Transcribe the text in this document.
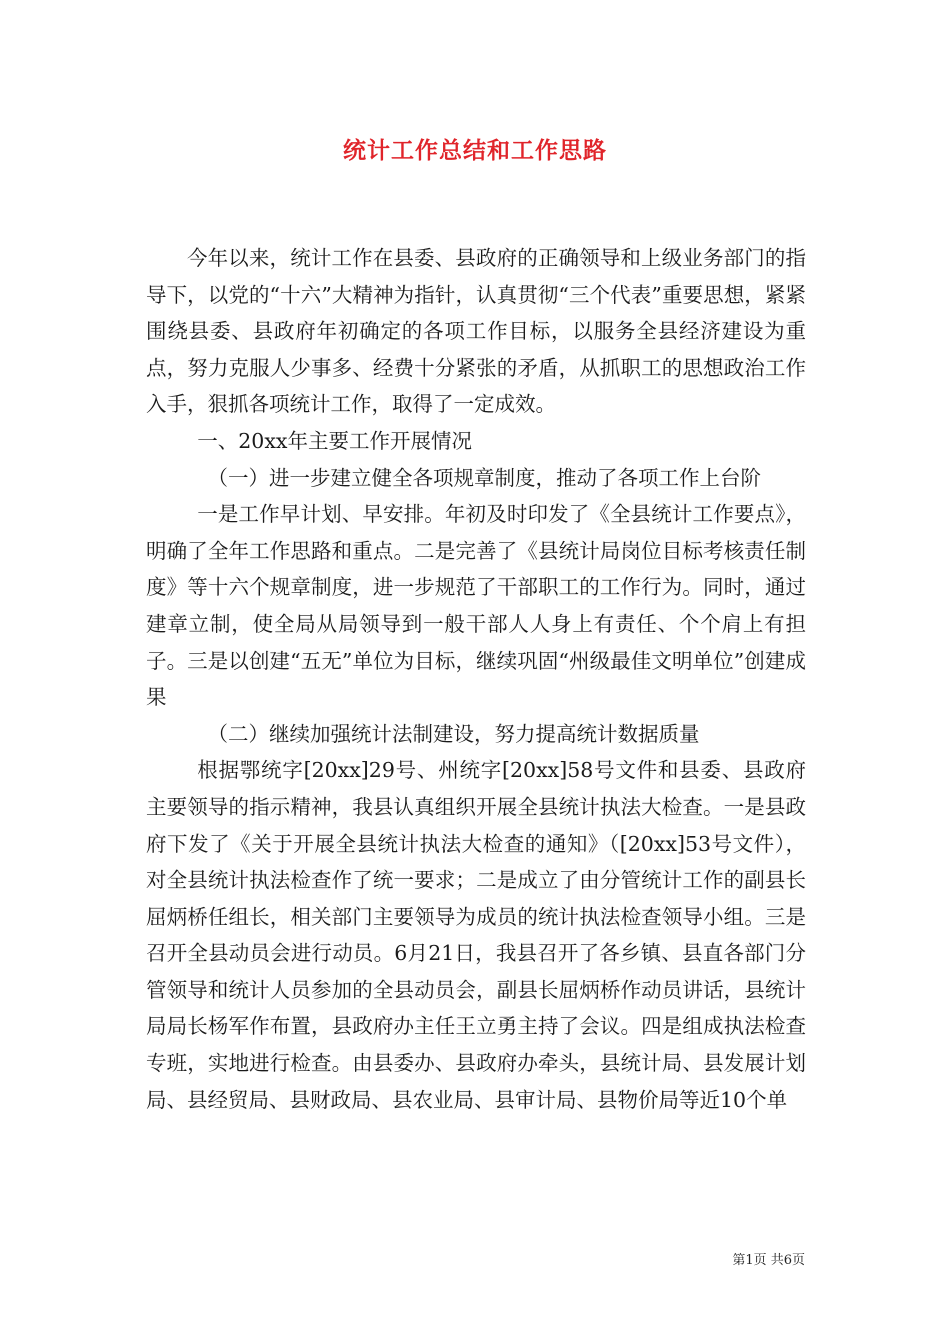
统计工作总结和工作思路

今年以来，统计工作在县委、县政府的正确领导和上级业务部门的指导下，以党的“十六”大精神为指针，认真贯彻“三个代表”重要思想，紧紧围绕县委、县政府年初确定的各项工作目标，以服务全县经济建设为重点，努力克服人少事多、经费十分紧张的矛盾，从抓职工的思想政治工作入手，狠抓各项统计工作，取得了一定成效。

一、20xx年主要工作开展情况

（一）进一步建立健全各项规章制度，推动了各项工作上台阶

一是工作早计划、早安排。年初及时印发了《全县统计工作要点》，明确了全年工作思路和重点。二是完善了《县统计局岗位目标考核责任制度》等十六个规章制度，进一步规范了干部职工的工作行为。同时，通过建章立制，使全局从局领导到一般干部人人身上有责任、个个肩上有担子。三是以创建“五无”单位为目标，继续巩固“州级最佳文明单位”创建成果

（二）继续加强统计法制建设，努力提高统计数据质量

根据鄂统字[20xx]29号、州统字[20xx]58号文件和县委、县政府主要领导的指示精神，我县认真组织开展全县统计执法大检查。一是县政府下发了《关于开展全县统计执法大检查的通知》（[20xx]53号文件），对全县统计执法检查作了统一要求；二是成立了由分管统计工作的副县长屈炳桥任组长，相关部门主要领导为成员的统计执法检查领导小组。三是召开全县动员会进行动员。6月21日，我县召开了各乡镇、县直各部门分管领导和统计人员参加的全县动员会，副县长屈炳桥作动员讲话，县统计局局长杨军作布置，县政府办主任王立勇主持了会议。四是组成执法检查专班，实地进行检查。由县委办、县政府办牵头，县统计局、县发展计划局、县经贸局、县财政局、县农业局、县审计局、县物价局等近10个单

第1页 共6页
